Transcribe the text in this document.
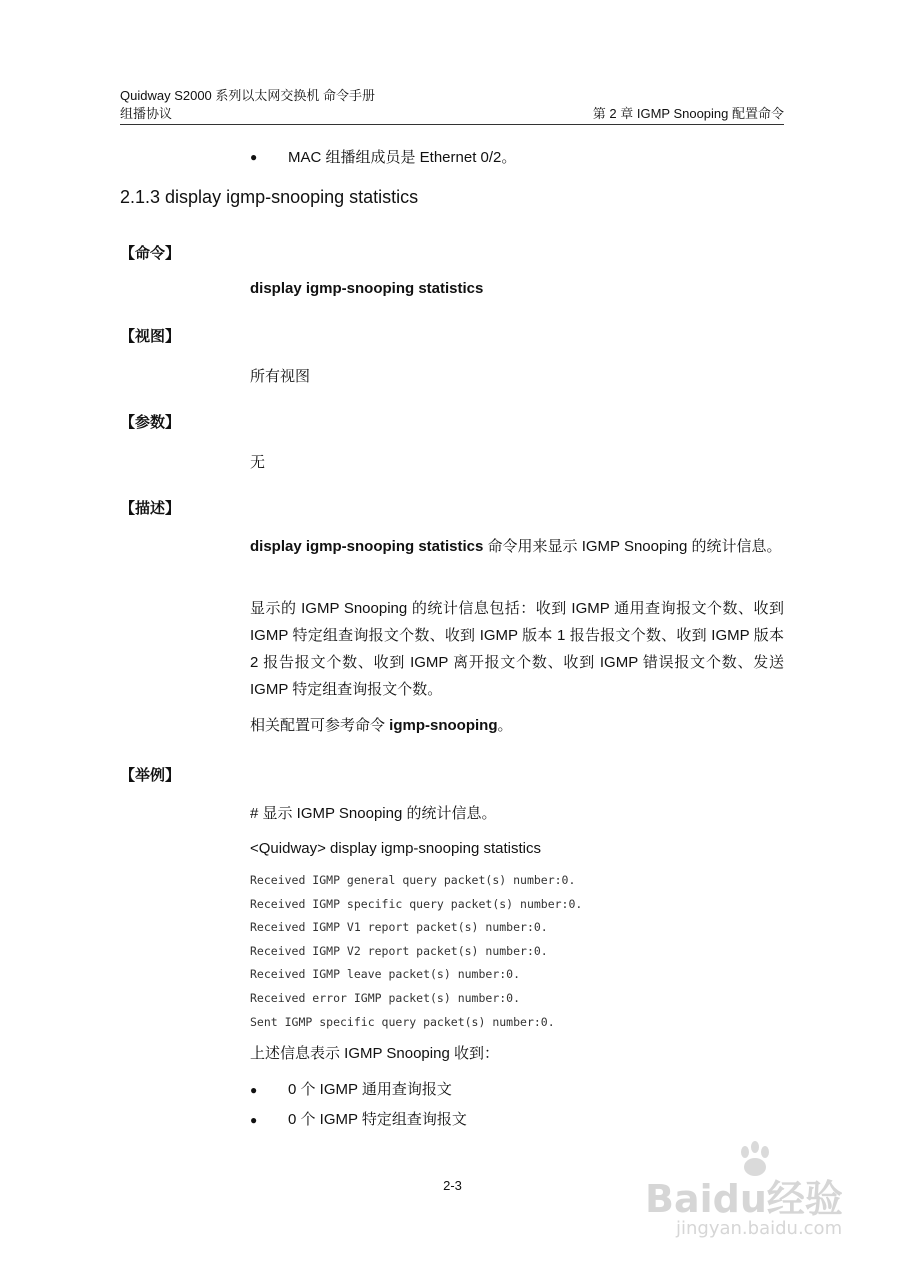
Quidway S2000 系列以太网交换机 命令手册
组播协议	第 2 章 IGMP Snooping 配置命令
● MAC 组播组成员是 Ethernet 0/2。
2.1.3 display igmp-snooping statistics
【命令】
display igmp-snooping statistics
【视图】
所有视图
【参数】
无
【描述】
display igmp-snooping statistics 命令用来显示 IGMP Snooping 的统计信息。
显示的 IGMP Snooping 的统计信息包括：收到 IGMP 通用查询报文个数、收到 IGMP 特定组查询报文个数、收到 IGMP 版本 1 报告报文个数、收到 IGMP 版本 2 报告报文个数、收到 IGMP 离开报文个数、收到 IGMP 错误报文个数、发送 IGMP 特定组查询报文个数。
相关配置可参考命令 igmp-snooping。
【举例】
# 显示 IGMP Snooping 的统计信息。
<Quidway> display igmp-snooping statistics
Received IGMP general query packet(s) number:0.
Received IGMP specific query packet(s) number:0.
Received IGMP V1 report packet(s) number:0.
Received IGMP V2 report packet(s) number:0.
Received IGMP leave packet(s) number:0.
Received error IGMP packet(s) number:0.
Sent IGMP specific query packet(s) number:0.
上述信息表示 IGMP Snooping 收到：
● 0 个 IGMP 通用查询报文
● 0 个 IGMP 特定组查询报文
2-3	Baidu经验
jingyan.baidu.com
